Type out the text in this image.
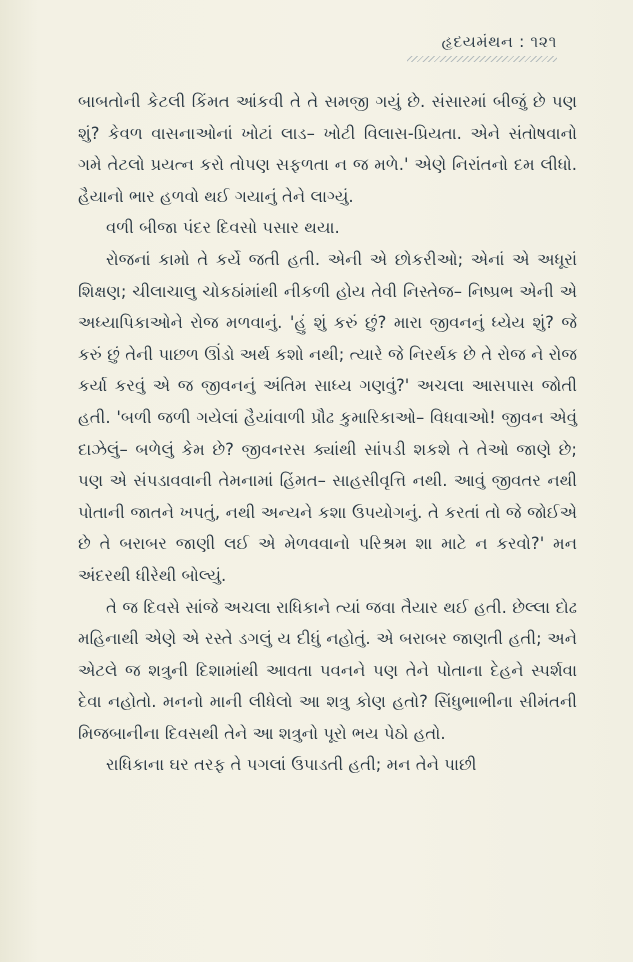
હૃદયમંથન : ૧૨૧

બાબતોની કેટલી કિંમત આંકવી તે તે સમજી ગયું છે. સંસારમાં બીજું છે પણ શું? કેવળ વાસનાઓનાં ખોટાં લાડ– ખોટી વિલાસ-પ્રિયતા. એને સંતોષવાનો ગમે તેટલો પ્રયત્ન કરો તોપણ સફળતા ન જ મળે.' એણે નિરાંતનો દમ લીધો. હૈયાનો ભાર હળવો થઈ ગયાનું તેને લાગ્યું.

વળી બીજા પંદર દિવસો પસાર થયા.

રોજનાં કામો તે કર્યે જતી હતી. એની એ છોકરીઓ; એનાં એ અધૂરાં શિક્ષણ; ચીલાચાલુ ચોકઠાંમાંથી નીકળી હોય તેવી નિસ્તેજ– નિષ્પ્રભ એની એ અધ્યાપિકાઓને રોજ મળવાનું. 'હું શું કરું છું? મારા જીવનનું ધ્યેય શું? જે કરું છું તેની પાછળ ઊંડો અર્થ કશો નથી; ત્યારે જે નિરર્થક છે તે રોજ ને રોજ કર્યા કરવું એ જ જીવનનું અંતિમ સાધ્ય ગણવું?' અચલા આસપાસ જોતી હતી. 'બળી જળી ગયેલાં હૈયાંવાળી પ્રૌઢ કુમારિકાઓ– વિધવાઓ! જીવન એવું દાઝેલું– બળેલું કેમ છે? જીવનરસ ક્યાંથી સાંપડી શકશે તે તેઓ જાણે છે; પણ એ સંપડાવવાની તેમનામાં હિંમત– સાહસીવૃત્તિ નથી. આવું જીવતર નથી પોતાની જાતને ખપતું, નથી અન્યને કશા ઉપયોગનું. તે કરતાં તો જે જોઈએ છે તે બરાબર જાણી લઈ એ મેળવવાનો પરિશ્રમ શા માટે ન કરવો?' મન અંદરથી ધીરેથી બોલ્યું.

તે જ દિવસે સાંજે અચલા રાધિકાને ત્યાં જવા તૈયાર થઈ હતી. છેલ્લા દોઢ મહિનાથી એણે એ રસ્તે ડગલું ય દીધું નહોતું. એ બરાબર જાણતી હતી; અને એટલે જ શત્રુની દિશામાંથી આવતા પવનને પણ તેને પોતાના દેહને સ્પર્શવા દેવા નહોતો. મનનો માની લીધેલો આ શત્રુ કોણ હતો? સિંધુભાભીના સીમંતની મિજબાનીના દિવસથી તેને આ શત્રુનો પૂરો ભય પેઠો હતો.

રાધિકાના ઘર તરફ તે પગલાં ઉપાડતી હતી; મન તેને પાછી
